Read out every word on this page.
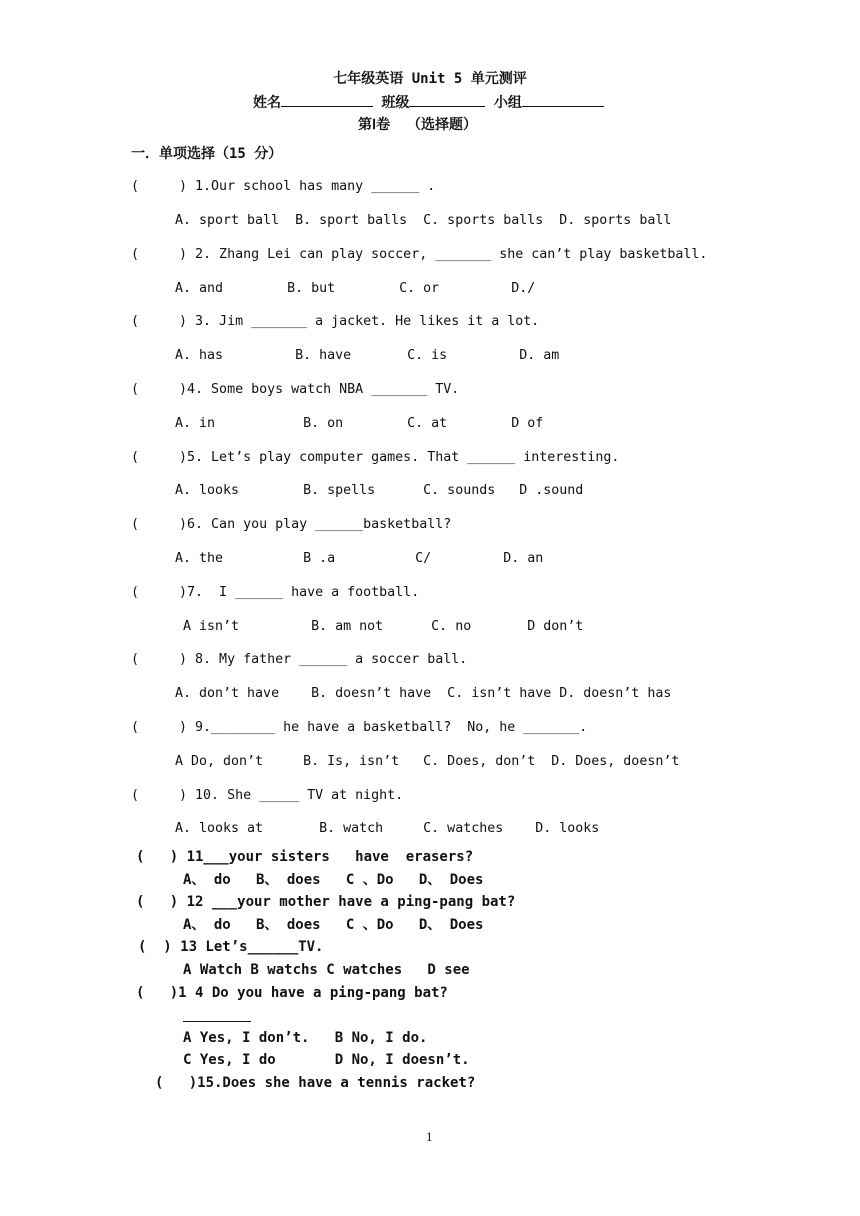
七年级英语 Unit 5 单元测评
姓名	班级	小组
第Ⅰ卷  （选择题）
一．单项选择（15 分）
(     ) 1.Our school has many ______ .
A. sport ball  B. sport balls  C. sports balls  D. sports ball
(     ) 2. Zhang Lei can play soccer, _______ she can’t play basketball.
A. and        B. but        C. or         D./
(     ) 3. Jim _______ a jacket. He likes it a lot.
A. has         B. have       C. is         D. am
(     )4. Some boys watch NBA _______ TV.
A. in           B. on        C. at        D of
(     )5. Let’s play computer games. That ______ interesting.
A. looks        B. spells      C. sounds   D .sound
(     )6. Can you play ______basketball?
A. the          B .a          C/         D. an
(     )7.  I ______ have a football.
A isn’t         B. am not      C. no       D don’t
(     ) 8. My father ______ a soccer ball.
A. don’t have    B. doesn’t have  C. isn’t have D. doesn’t has
(     ) 9.________ he have a basketball?  No, he _______.
A Do, don’t     B. Is, isn’t   C. Does, don’t  D. Does, doesn’t
(     ) 10. She _____ TV at night.
A. looks at       B. watch     C. watches    D. looks
(   ) 11___your sisters   have  erasers?
A、 do   B、 does   C 、Do   D、 Does
(   ) 12 ___your mother have a ping-pang bat?
A、 do   B、 does   C 、Do   D、 Does
(  ) 13 Let’s______TV.
A Watch B watchs C watches   D see
(   )1 4 Do you have a ping-pang bat?
A Yes, I don’t.   B No, I do.
C Yes, I do       D No, I doesn’t.
(   )15.Does she have a tennis racket?
1
